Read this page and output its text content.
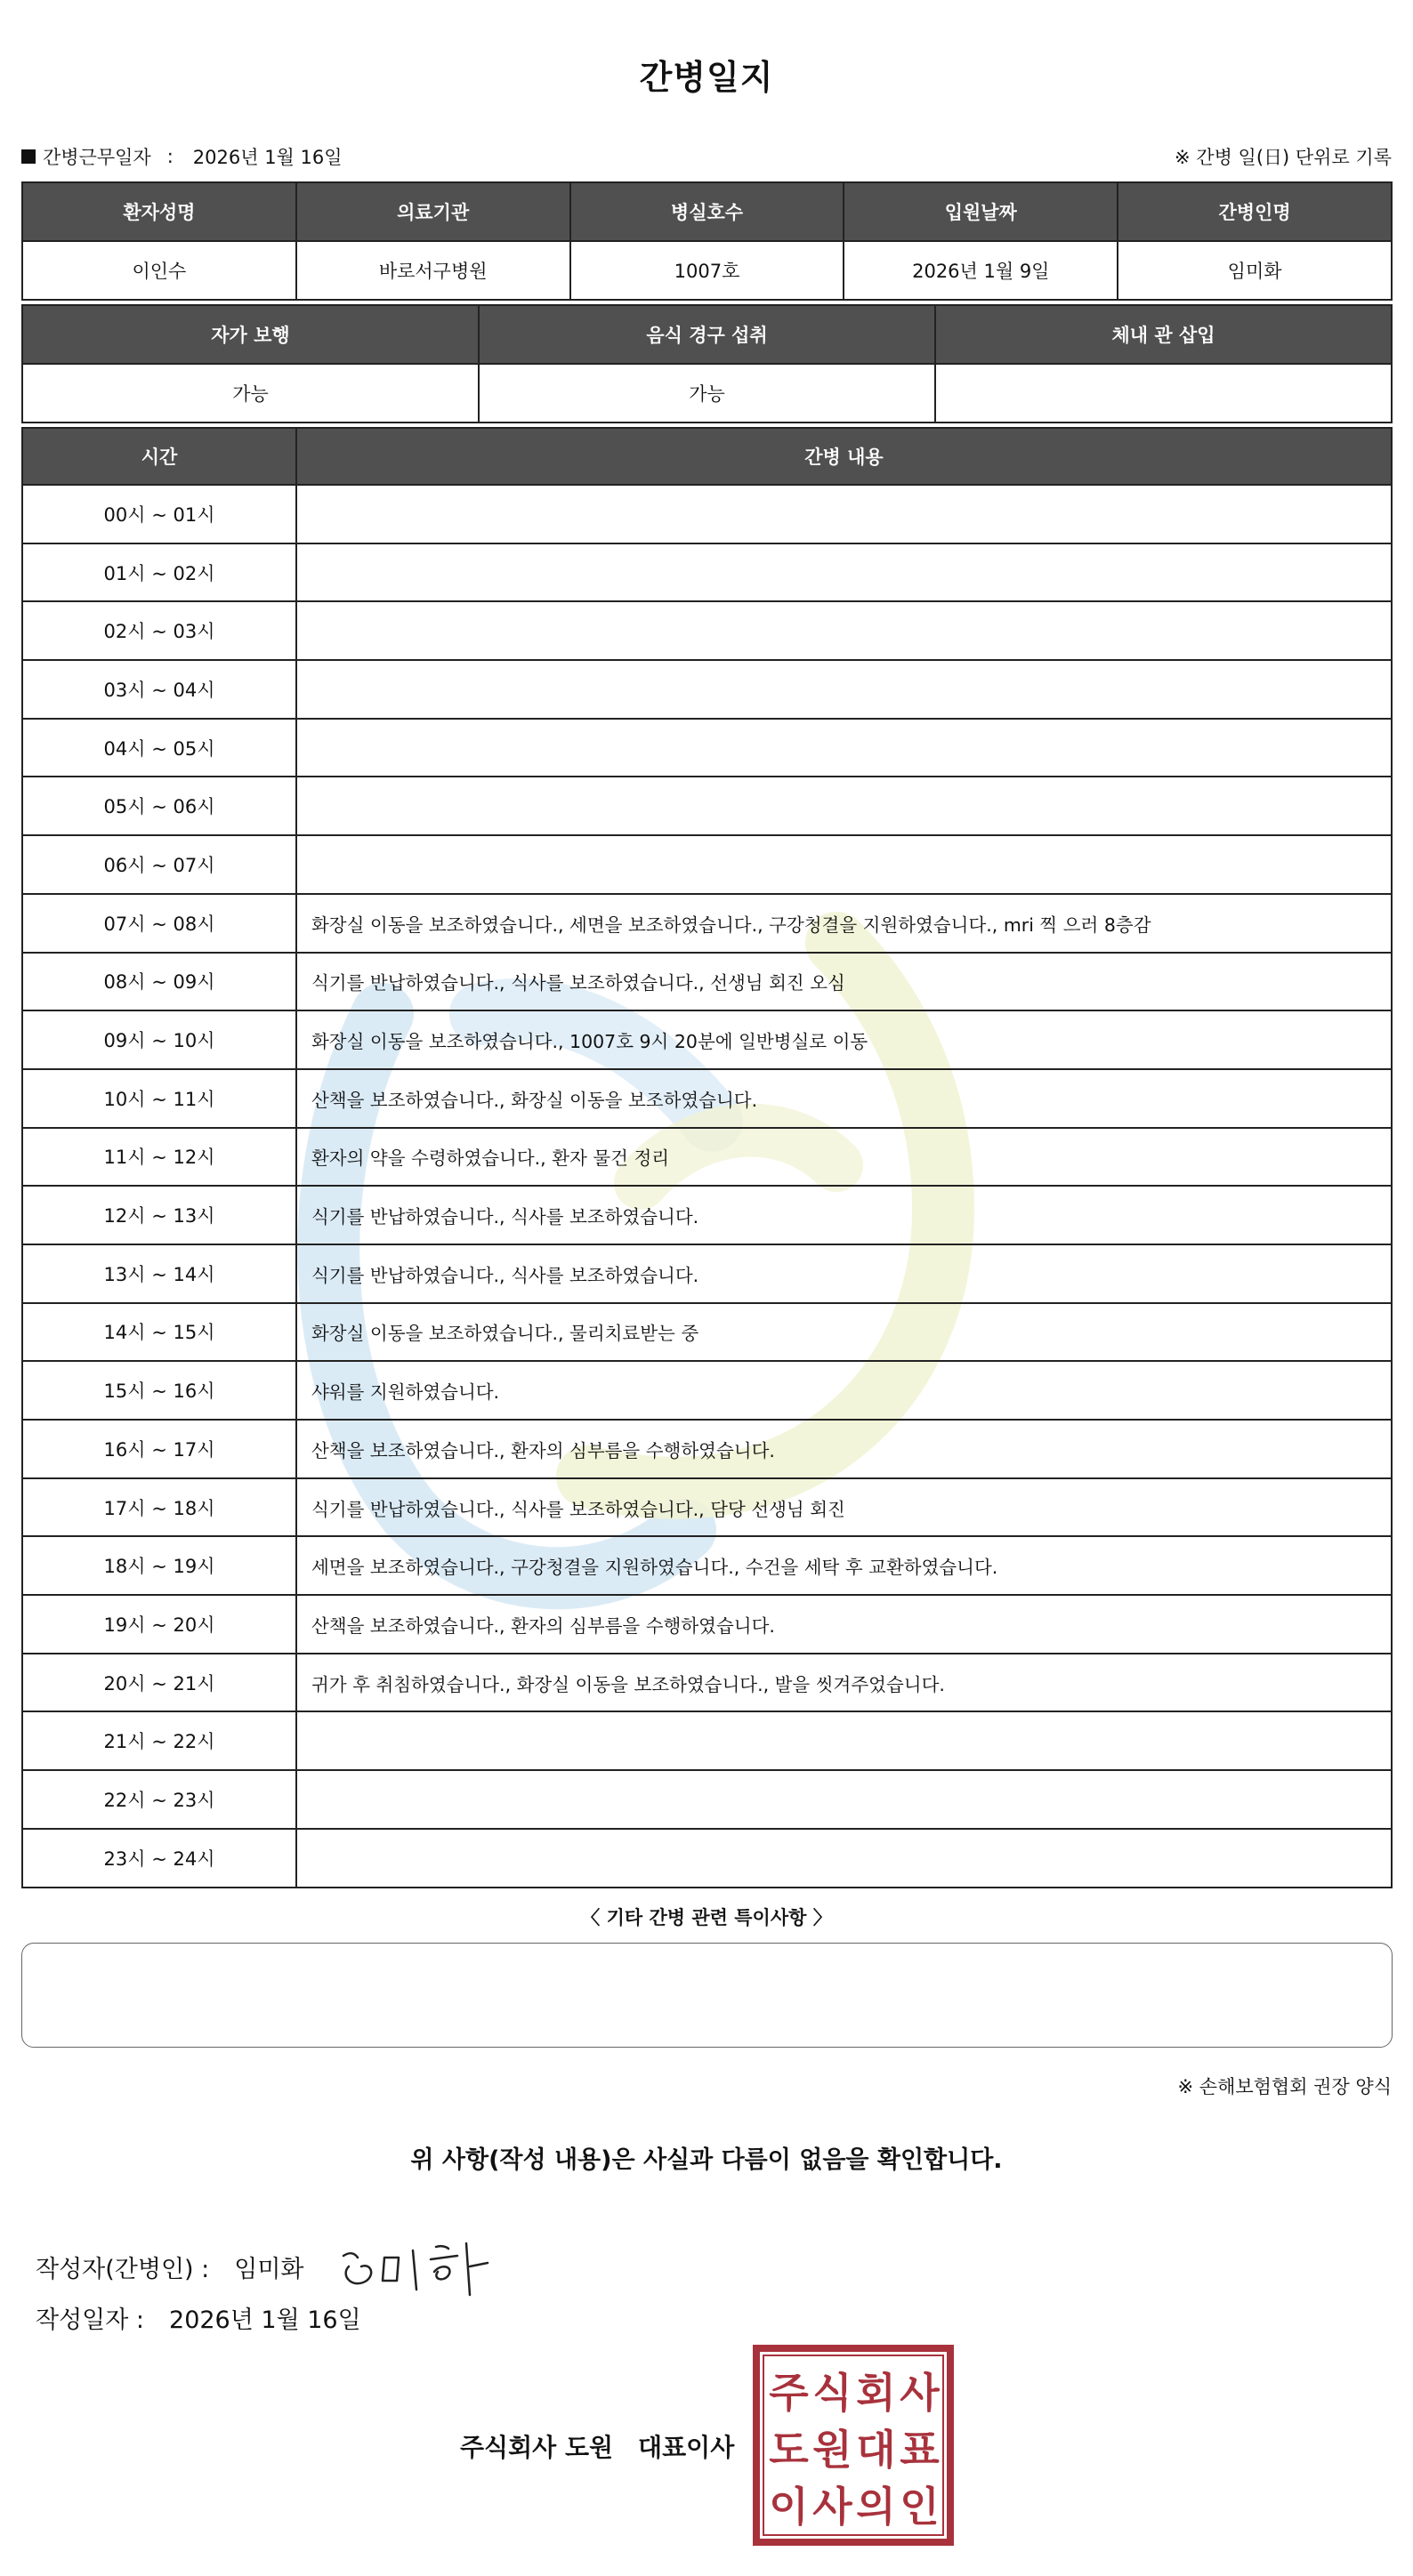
간병일지
간병근무일자 : 2026년 1월 16일	※ 간병 일(日) 단위로 기록
환자성명	의료기관	병실호수	입원날짜	간병인명
이인수	바로서구병원	1007호	2026년 1월 9일	임미화
자가 보행	음식 경구 섭취	체내 관 삽입
가능	가능	
시간	간병 내용
00시 ~ 01시	
01시 ~ 02시	
02시 ~ 03시	
03시 ~ 04시	
04시 ~ 05시	
05시 ~ 06시	
06시 ~ 07시	
07시 ~ 08시	화장실 이동을 보조하였습니다., 세면을 보조하였습니다., 구강청결을 지원하였습니다., mri 찍 으러 8층감
08시 ~ 09시	식기를 반납하였습니다., 식사를 보조하였습니다., 선생님 회진 오심
09시 ~ 10시	화장실 이동을 보조하였습니다., 1007호 9시 20분에 일반병실로 이동
10시 ~ 11시	산책을 보조하였습니다., 화장실 이동을 보조하였습니다.
11시 ~ 12시	환자의 약을 수령하였습니다., 환자 물건 정리
12시 ~ 13시	식기를 반납하였습니다., 식사를 보조하였습니다.
13시 ~ 14시	식기를 반납하였습니다., 식사를 보조하였습니다.
14시 ~ 15시	화장실 이동을 보조하였습니다., 물리치료받는 중
15시 ~ 16시	샤워를 지원하였습니다.
16시 ~ 17시	산책을 보조하였습니다., 환자의 심부름을 수행하였습니다.
17시 ~ 18시	식기를 반납하였습니다., 식사를 보조하였습니다., 담당 선생님 회진
18시 ~ 19시	세면을 보조하였습니다., 구강청결을 지원하였습니다., 수건을 세탁 후 교환하였습니다.
19시 ~ 20시	산책을 보조하였습니다., 환자의 심부름을 수행하였습니다.
20시 ~ 21시	귀가 후 취침하였습니다., 화장실 이동을 보조하였습니다., 발을 씻겨주었습니다.
21시 ~ 22시	
22시 ~ 23시	
23시 ~ 24시	
〈 기타 간병 관련 특이사항 〉
※ 손해보험협회 권장 양식
위 사항(작성 내용)은 사실과 다름이 없음을 확인합니다.
작성자(간병인) : 임미화
작성일자 : 2026년 1월 16일
주식회사 도원 대표이사
주 식 회 사
도 원 대 표
이 사 의 인
